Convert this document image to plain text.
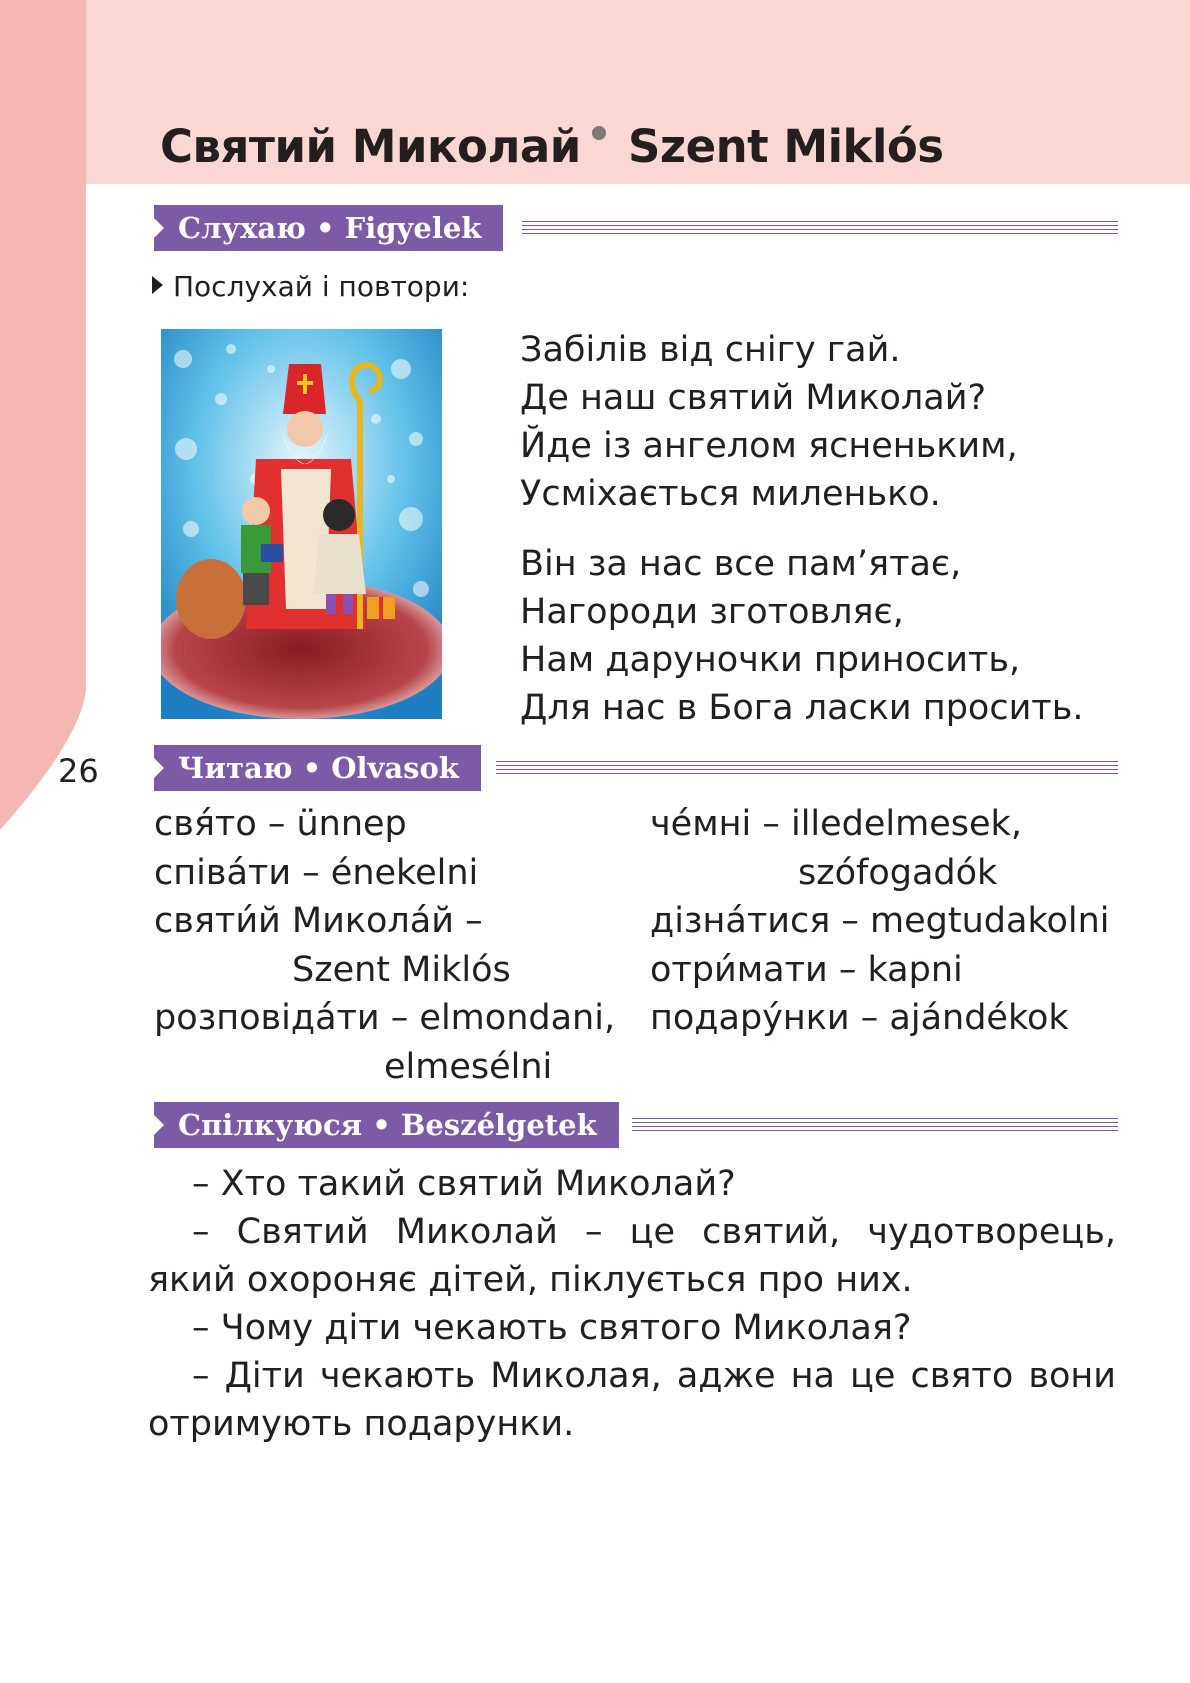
Святий Миколай Szent Miklós
Слухаю • Figyelek
Послухай і повтори:
Забілів від снігу гай.
Де наш святий Миколай?
Йде із ангелом ясненьким,
Усміхається миленько.
Він за нас все пам’ятає,
Нагороди зготовляє,
Нам даруночки приносить,
Для нас в Бога ласки просить.
26	Читаю • Olvasok
свя́то – ünnep
співа́ти – énekelni
святи́й Микола́й –
Szent Miklós
розповіда́ти – elmondani,
elmesélni
че́мні – illedelmesek,
szófogadók
дізна́тися – megtudakolni
отри́мати – kapni
подару́нки – ajándékok
Спілкуюся • Beszélgetek

– Хто такий святий Миколай?

– Святий Миколай – це святий, чудотворець, який охороняє дітей, піклується про них.

– Чому діти чекають святого Миколая?

– Діти чекають Миколая, адже на це свято вони отримують подарунки.
